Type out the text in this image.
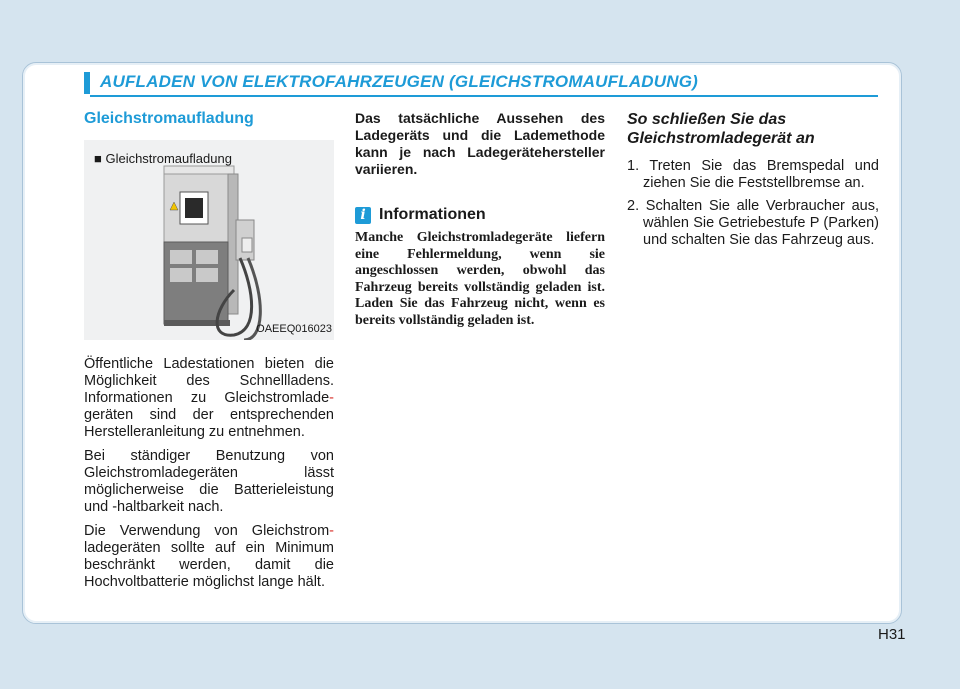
AUFLADEN VON ELEKTROFAHRZEUGEN (GLEICHSTROMAUFLADUNG)
Gleichstromaufladung
■ Gleichstromaufladung
OAEEQ016023

Öffentliche Ladestationen bieten die Möglichkeit des Schnellladens. Informationen zu Gleichstromlade- geräten sind der entsprechenden Herstelleranleitung zu entnehmen.

Bei ständiger Benutzung von Gleichstromladegeräten lässt möglicherweise die Batterieleistung und -haltbarkeit nach.

Die Verwendung von Gleichstrom- ladegeräten sollte auf ein Minimum beschränkt werden, damit die Hochvoltbatterie möglichst lange hält.

Das tatsächliche Aussehen des Ladegeräts und die Lademethode kann je nach Ladegerätehersteller variieren.

i Informationen

Manche Gleichstromladegeräte liefern eine Fehlermeldung, wenn sie angeschlossen werden, obwohl das Fahrzeug bereits vollständig geladen ist. Laden Sie das Fahrzeug nicht, wenn es bereits vollständig geladen ist.

So schließen Sie das Gleichstromladegerät an

1. Treten Sie das Bremspedal und ziehen Sie die Feststellbremse an.

2. Schalten Sie alle Verbraucher aus, wählen Sie Getriebestufe P (Parken) und schalten Sie das Fahrzeug aus.

H31
